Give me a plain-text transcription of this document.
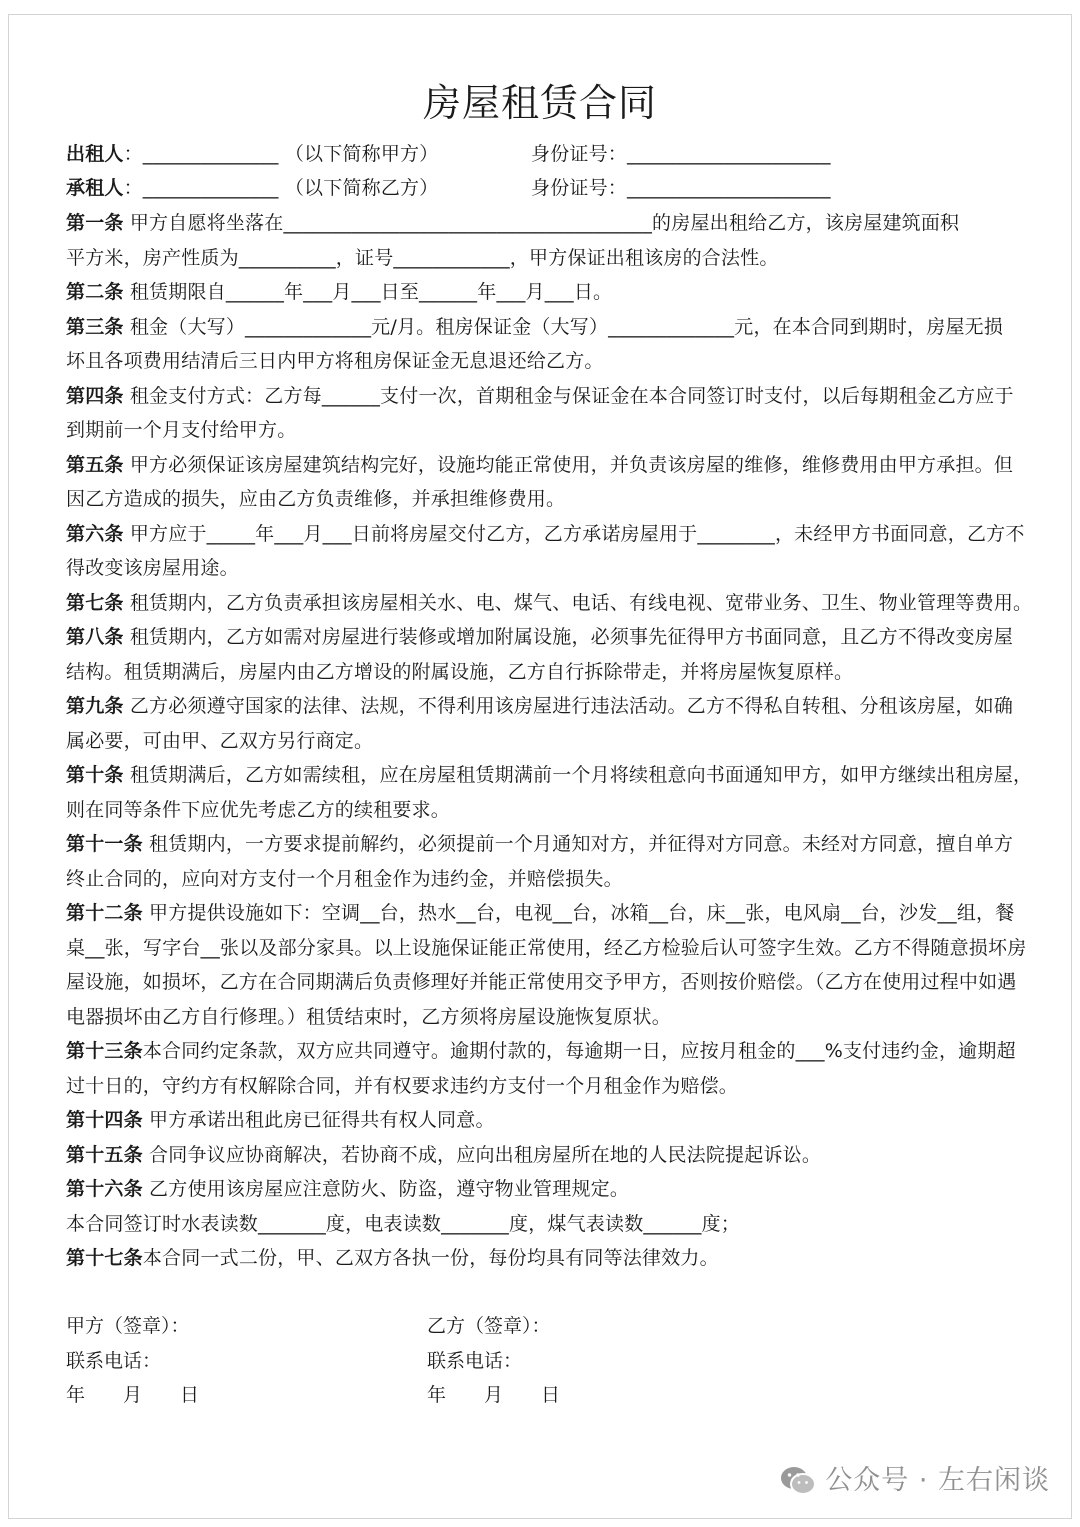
房屋租赁合同
出租人：______________ （以下简称甲方）	身份证号：_____________________
承租人：______________ （以下简称乙方）	身份证号：_____________________
第一条 甲方自愿将坐落在______________________________________的房屋出租给乙方，该房屋建筑面积
平方米，房产性质为__________，证号____________，甲方保证出租该房的合法性。
第二条 租赁期限自______年___月___日至______年___月___日。
第三条 租金（大写）_____________元/月。租房保证金（大写）_____________元，在本合同到期时，房屋无损
坏且各项费用结清后三日内甲方将租房保证金无息退还给乙方。
第四条 租金支付方式：乙方每______支付一次，首期租金与保证金在本合同签订时支付，以后每期租金乙方应于
到期前一个月支付给甲方。
第五条 甲方必须保证该房屋建筑结构完好，设施均能正常使用，并负责该房屋的维修，维修费用由甲方承担。但
因乙方造成的损失，应由乙方负责维修，并承担维修费用。
第六条 甲方应于_____年___月___日前将房屋交付乙方，乙方承诺房屋用于________，未经甲方书面同意，乙方不
得改变该房屋用途。
第七条 租赁期内，乙方负责承担该房屋相关水、电、煤气、电话、有线电视、宽带业务、卫生、物业管理等费用。
第八条 租赁期内，乙方如需对房屋进行装修或增加附属设施，必须事先征得甲方书面同意，且乙方不得改变房屋
结构。租赁期满后，房屋内由乙方增设的附属设施，乙方自行拆除带走，并将房屋恢复原样。
第九条 乙方必须遵守国家的法律、法规，不得利用该房屋进行违法活动。乙方不得私自转租、分租该房屋，如确
属必要，可由甲、乙双方另行商定。
第十条 租赁期满后，乙方如需续租，应在房屋租赁期满前一个月将续租意向书面通知甲方，如甲方继续出租房屋，
则在同等条件下应优先考虑乙方的续租要求。
第十一条 租赁期内，一方要求提前解约，必须提前一个月通知对方，并征得对方同意。未经对方同意，擅自单方
终止合同的，应向对方支付一个月租金作为违约金，并赔偿损失。
第十二条 甲方提供设施如下：空调__台，热水__台，电视__台，冰箱__台，床__张，电风扇__台，沙发__组，餐
桌__张，写字台__张以及部分家具。以上设施保证能正常使用，经乙方检验后认可签字生效。乙方不得随意损坏房
屋设施，如损坏，乙方在合同期满后负责修理好并能正常使用交予甲方，否则按价赔偿。（乙方在使用过程中如遇
电器损坏由乙方自行修理。）租赁结束时，乙方须将房屋设施恢复原状。
第十三条本合同约定条款，双方应共同遵守。逾期付款的，每逾期一日，应按月租金的___%支付违约金，逾期超
过十日的，守约方有权解除合同，并有权要求违约方支付一个月租金作为赔偿。
第十四条 甲方承诺出租此房已征得共有权人同意。
第十五条 合同争议应协商解决，若协商不成，应向出租房屋所在地的人民法院提起诉讼。
第十六条 乙方使用该房屋应注意防火、防盗，遵守物业管理规定。
本合同签订时水表读数_______度，电表读数_______度，煤气表读数______度；
第十七条本合同一式二份，甲、乙双方各执一份，每份均具有同等法律效力。
甲方（签章）：
联系电话：
年　　月　　日
乙方（签章）：
联系电话：
年　　月　　日
公众号 · 左右闲谈
